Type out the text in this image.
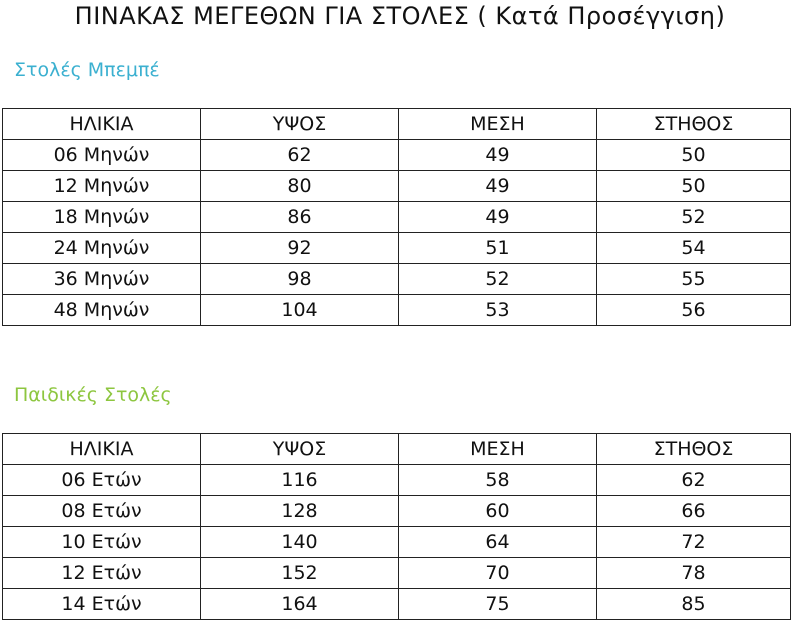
ΠΙΝΑΚΑΣ ΜΕΓΕΘΩΝ ΓΙΑ ΣΤΟΛΕΣ ( Κατά Προσέγγιση)
Στολές Μπεμπέ
ΗΛΙΚΙΑ	ΥΨΟΣ	ΜΕΣΗ	ΣΤΗΘΟΣ
06 Μηνών	62	49	50
12 Μηνών	80	49	50
18 Μηνών	86	49	52
24 Μηνών	92	51	54
36 Μηνών	98	52	55
48 Μηνών	104	53	56
Παιδικές Στολές
ΗΛΙΚΙΑ	ΥΨΟΣ	ΜΕΣΗ	ΣΤΗΘΟΣ
06 Ετών	116	58	62
08 Ετών	128	60	66
10 Ετών	140	64	72
12 Ετών	152	70	78
14 Ετών	164	75	85
